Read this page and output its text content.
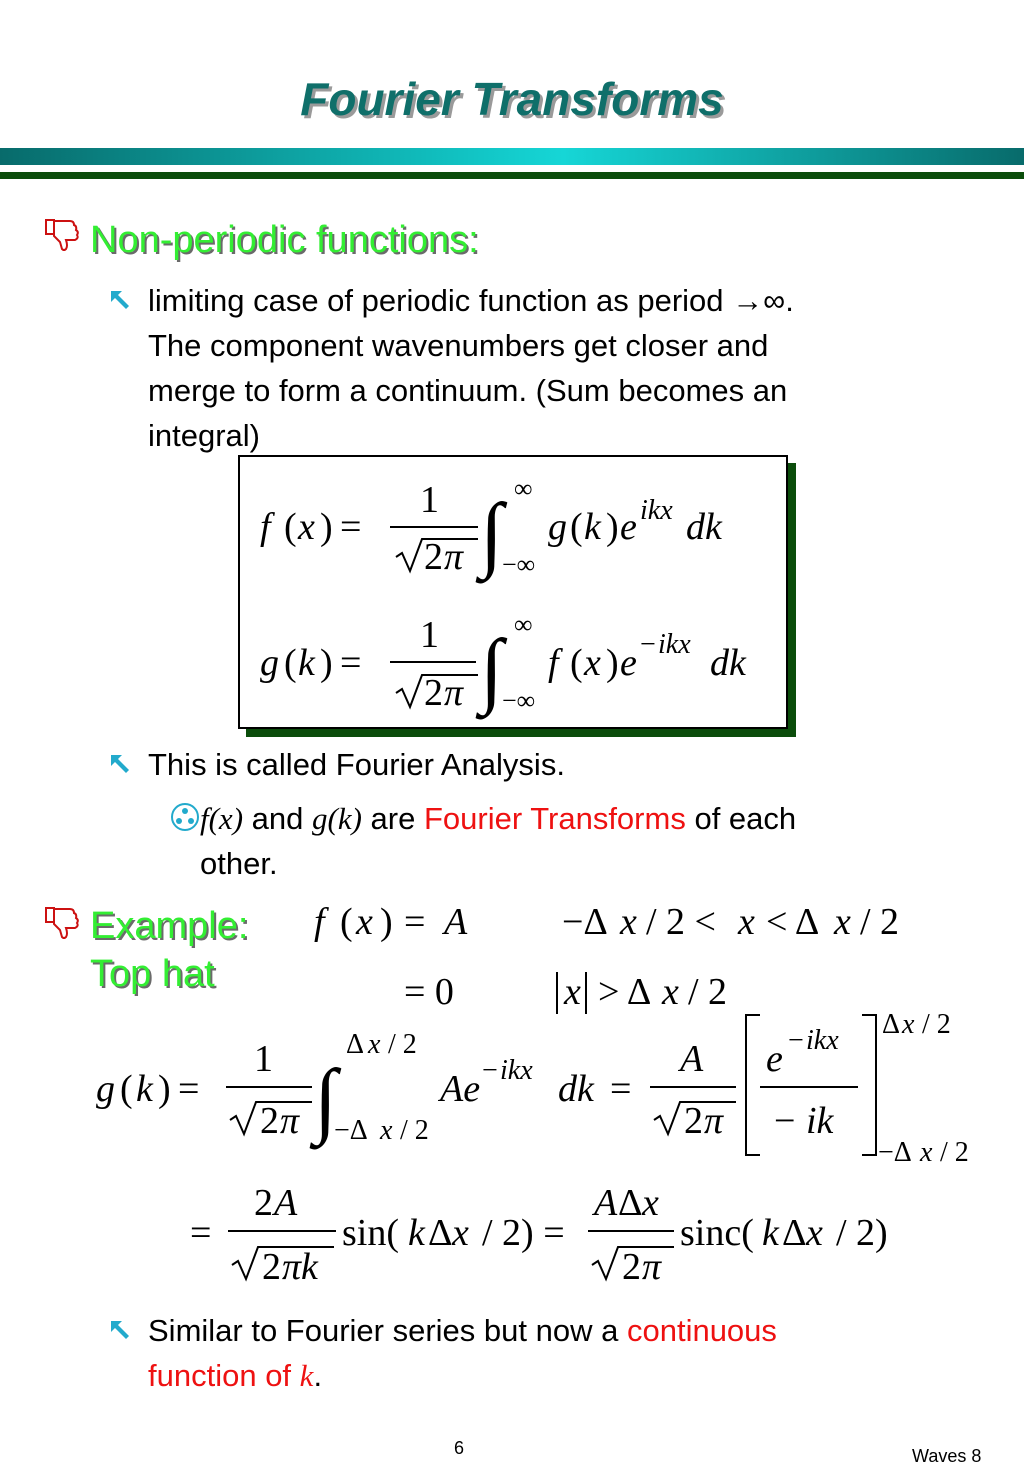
Fourier Transforms
Non-periodic functions:
limiting case of periodic function as period →∞.
The component wavenumbers get closer and
merge to form a continuum. (Sum becomes an
integral)
f ( x ) =
1
2 π ∫ ∞
−∞
g ( k ) e ikx dk
g ( k ) =
1
2 π ∫ ∞
−∞
f ( x ) e − ikx dk
This is called Fourier Analysis.
f(x) and g(k) are Fourier Transforms of each
other.
Example:
Top hat
f ( x ) = A −Δ x / 2 < x < Δ x / 2
= 0	x > Δ x / 2
g ( k ) =
1
2 π ∫
Δ x / 2
−Δ x / 2
Ae − ikx dk =
A
2 π
e − ikx
− ik
Δ x / 2
−Δ x / 2
=
2 A
2 πk
sin( k Δ x / 2) =
A Δ x
2 π
sinc( k Δ x / 2)
Similar to Fourier series but now a continuous
function of k.
6	Waves 8
